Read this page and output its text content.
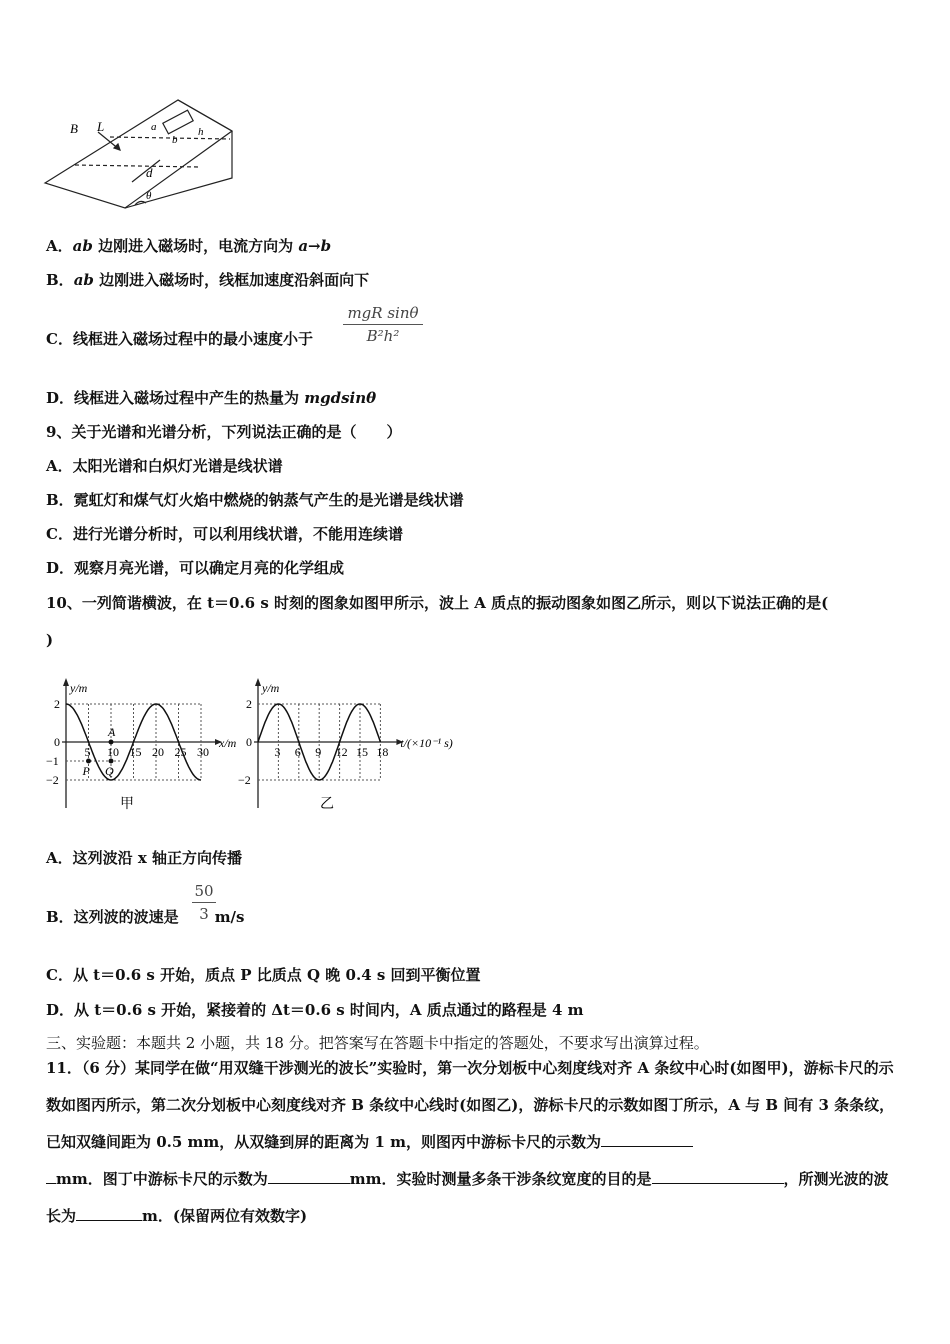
B L	a
b
h
d
θ
A．ab 边刚进入磁场时，电流方向为 a→b
B．ab 边刚进入磁场时，线框加速度沿斜面向下
C．线框进入磁场过程中的最小速度小于
mgR sinθ
B²h²
D．线框进入磁场过程中产生的热量为 mgdsinθ
9、关于光谱和光谱分析，下列说法正确的是（　　）
A．太阳光谱和白炽灯光谱是线状谱
B．霓虹灯和煤气灯火焰中燃烧的钠蒸气产生的是光谱是线状谱
C．进行光谱分析时，可以利用线状谱，不能用连续谱
D．观察月亮光谱，可以确定月亮的化学组成
10、一列简谐横波，在 t＝0.6 s 时刻的图象如图甲所示，波上 A 质点的振动图象如图乙所示，则以下说法正确的是(
)
5 10 15 20 25 30
2
0
−1
−2
y/m
x/m
甲
P Q
A
3 6 9 12 15 18
2
0
−2
y/m
t/(×10⁻¹ s)
乙
A．这列波沿 x 轴正方向传播
B．这列波的波速是 m/s
50
3
C．从 t＝0.6 s 开始，质点 P 比质点 Q 晚 0.4 s 回到平衡位置
D．从 t＝0.6 s 开始，紧接着的 Δt＝0.6 s 时间内，A 质点通过的路程是 4 m
三、实验题：本题共 2 小题，共 18 分。把答案写在答题卡中指定的答题处，不要求写出演算过程。
11．（6 分）某同学在做“用双缝干涉测光的波长”实验时，第一次分划板中心刻度线对齐 A 条纹中心时(如图甲)，游标卡尺的示数如图丙所示，第二次分划板中心刻度线对齐 B 条纹中心线时(如图乙)，游标卡尺的示数如图丁所示，A 与 B 间有 3 条条纹，已知双缝间距为 0.5 mm，从双缝到屏的距离为 1 m，则图丙中游标卡尺的示数为
mm．图丁中游标卡尺的示数为	mm．实验时测量多条干涉条纹宽度的目的是	，所测光波的波长为	m．(保留两位有效数字)
